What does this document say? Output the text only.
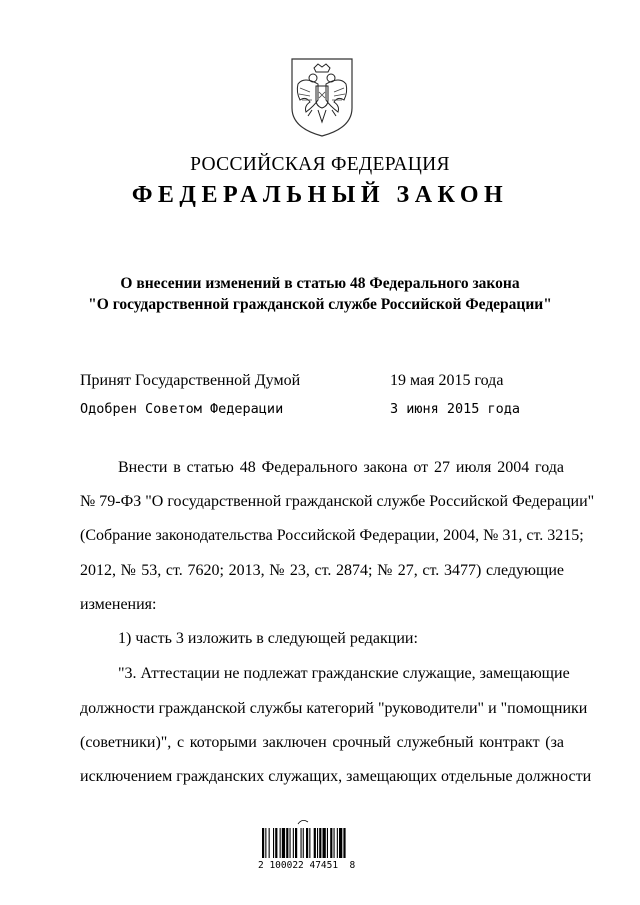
РОССИЙСКАЯ ФЕДЕРАЦИЯ
ФЕДЕРАЛЬНЫЙ ЗАКОН
О внесении изменений в статью 48 Федерального закона
"О государственной гражданской службе Российской Федерации"
Принят Государственной Думой	19 мая 2015 года
Одобрен Советом Федерации	3 июня 2015 года
Внести в статью 48 Федерального закона от 27 июля 2004 года
№ 79-ФЗ "О государственной гражданской службе Российской Федерации"
(Собрание законодательства Российской Федерации, 2004, № 31, ст. 3215;
2012, № 53, ст. 7620; 2013, № 23, ст. 2874; № 27, ст. 3477) следующие
изменения:
1) часть 3 изложить в следующей редакции:
"3. Аттестации не подлежат гражданские служащие, замещающие
должности гражданской службы категорий "руководители" и "помощники
(советники)", с которыми заключен срочный служебный контракт (за
исключением гражданских служащих, замещающих отдельные должности
2 100022 47451  8
